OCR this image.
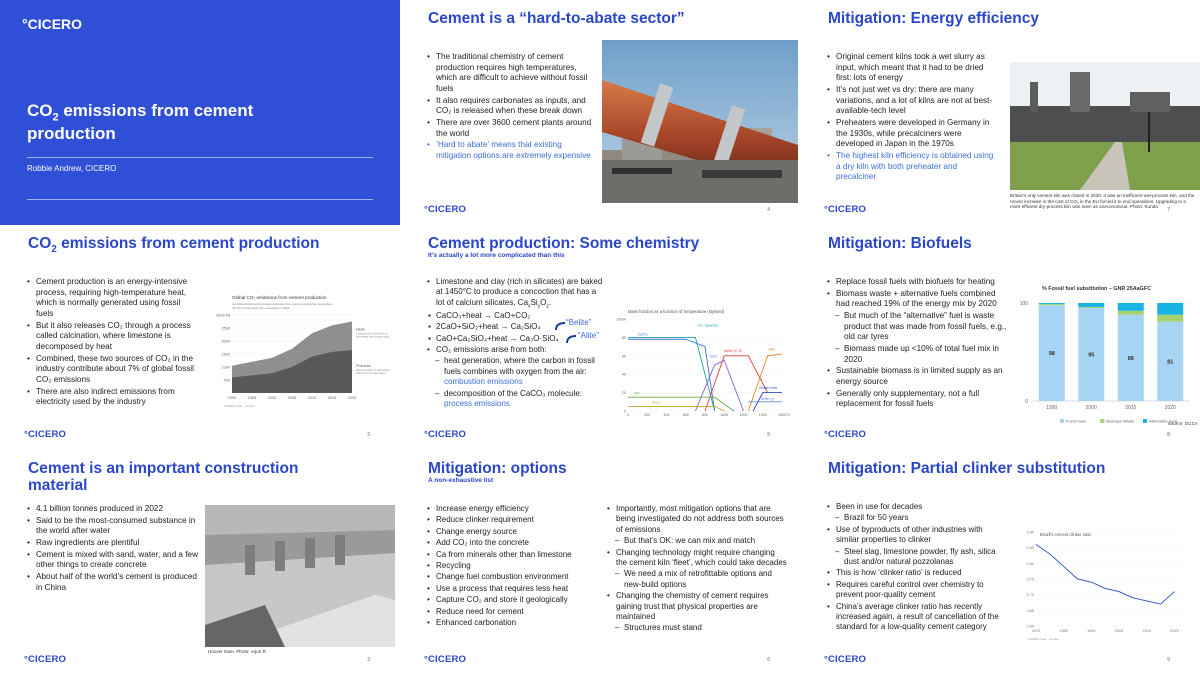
°CICERO
$CO_2$ emissions from cement production
Robbie Andrew, CICERO
Cement is a “hard-to-abate sector”
• The traditional chemistry of cement production requires high temperatures, which are difficult to achieve without fossil fuels
• It also requires carbonates as inputs, and CO₂ is released when these break down
• There are over 3600 cement plants around the world
• ‘Hard to abate’ means that existing mitigation options are extremely expensive
°CICERO	4
Mitigation: Energy efficiency
• Original cement kilns took a wet slurry as input, which meant that it had to be dried first: lots of energy
• It’s not just wet vs dry: there are many variations, and a lot of kilns are not at best-available-tech level
• Preheaters were developed in Germany in the 1930s, while precalciners were developed in Japan in the 1970s
• The highest kiln efficiency is obtained using a dry kiln with both preheater and precalciner
Britain’s only cement kiln was closed in 2020. It was an inefficient wet-process kiln, and the recent increase in the cost of CO₂ in the EU forced it to end operations. Upgrading to a more efficient dry-process kiln was seen as uneconomical. Photo: Kunda
°CICERO	7
$CO_2$ emissions from cement production
• Cement production is an energy-intensive process, requiring high-temperature heat, which is normally generated using fossil fuels
• But it also releases CO₂ through a process called calcination, where limestone is decomposed by heat
• Combined, these two sources of CO₂ in the industry contribute about 7% of global fossil CO₂ emissions
• There are also indirect emissions from electricity used by the industry
Global CO₂ emissions from cement production
Combined fossil and process emissions from cement production were abou
t 8.7% of total fossil CO₂ emissions in 2020
500
1000
1500
2000
2500
3000 Mt
1990	1995	2000	2005	2010	2015	2020
Heat
Combustion of fuels and ot
her energy use (mostly coal)
Process
Decomposition of carbonates
(CaCO₃) and other inputs
CICERO data · source: ...
°CICERO	2
Cement production: Some chemistry
It's actually a lot more complicated than this
• Limestone and clay (rich in silicates) are baked at 1450°C to produce a concoction that has a lot of calcium silicates, $Ca_xSi_yO_z$.
▪ CaCO₃+heat → CaO+CO₂
▪ 2CaO+SiO₂+heat → Ca₂SiO₄
▪ CaO+Ca₂SiO₄+heat → Ca₃O·SiO₄
• CO₂ emissions arise from both:
– heat generation, where the carbon in fossil fuels combines with oxygen from the air: combustion emissions
– decomposition of the CaCO₃ molecule: process emissions
“Belite”
“Alite”
Mass fraction as a function of temperature (stylised)
0
20
40
60
80
100%
0	200	400	600	800	1000	1200	1400	1600 °C
CaCO₃
CO₂ released
CaO
Belite (C₂S)	Alite
SiO₂
Al₂O₃
Clinker melt
Belite (γ)
°CICERO	5
Mitigation: Biofuels
• Replace fossil fuels with biofuels for heating
• Biomass waste + alternative fuels combined had reached 19% of the energy mix by 2020
– But much of the “alternative” fuel is waste product that was made from fossil fuels, e.g., old car tyres
– Biomass made up <10% of total fuel mix in 2020
• Sustainable biomass is in limited supply as an energy source
• Generally only supplementary, not a full replacement for fossil fuels
% Fossil fuel substitution – GNR 25AaGFC
0
100
98
1990
95
2000
88
2010
81
2020
Fossil fuels	Biomass Waste	Alternative fuels
Source: GCCA
°CICERO	8
Cement is an important construction material
• 4.1 billion tonnes produced in 2022
• Said to be the most-consumed substance in the world after water
• Raw ingredients are plentiful
• Cement is mixed with sand, water, and a few other things to create concrete
• About half of the world’s cement is produced in China
Hoover Dam. Photo: Arjun R
°CICERO	3
Mitigation: options
A non-exhaustive list
• Increase energy efficiency
• Reduce clinker requirement
• Change energy source
• Add CO₂ into the concrete
• Ca from minerals other than limestone
• Recycling
• Change fuel combustion environment
• Use a process that requires less heat
• Capture CO₂ and store it geologically
• Reduce need for cement
• Enhanced carbonation
• Importantly, most mitigation options that are being investigated do not address both sources of emissions
– But that’s OK: we can mix and match
• Changing technology might require changing the cement kiln ‘fleet’, which could take decades
– We need a mix of retrofittable options and new-build options
• Changing the chemistry of cement requires gaining trust that physical properties are maintained
– Structures must stand
°CICERO	6
Mitigation: Partial clinker substitution
• Been in use for decades
– Brazil for 50 years
• Use of byproducts of other industries with similar properties to clinker
– Steel slag, limestone powder, fly ash, silica dust and/or natural pozzolanas
• This is how ‘clinker ratio’ is reduced
• Requires careful control over chemistry to prevent poor-quality cement
• China’s average clinker ratio has recently increased again, a result of cancellation of the standard for a low-quality cement category
Brazil's cement clinker ratio
0.60
0.65
0.70
0.75
0.80
0.85
0.90
1970	1980	1990	2000	2010	2020
CICERO data · source: ...
°CICERO	9
